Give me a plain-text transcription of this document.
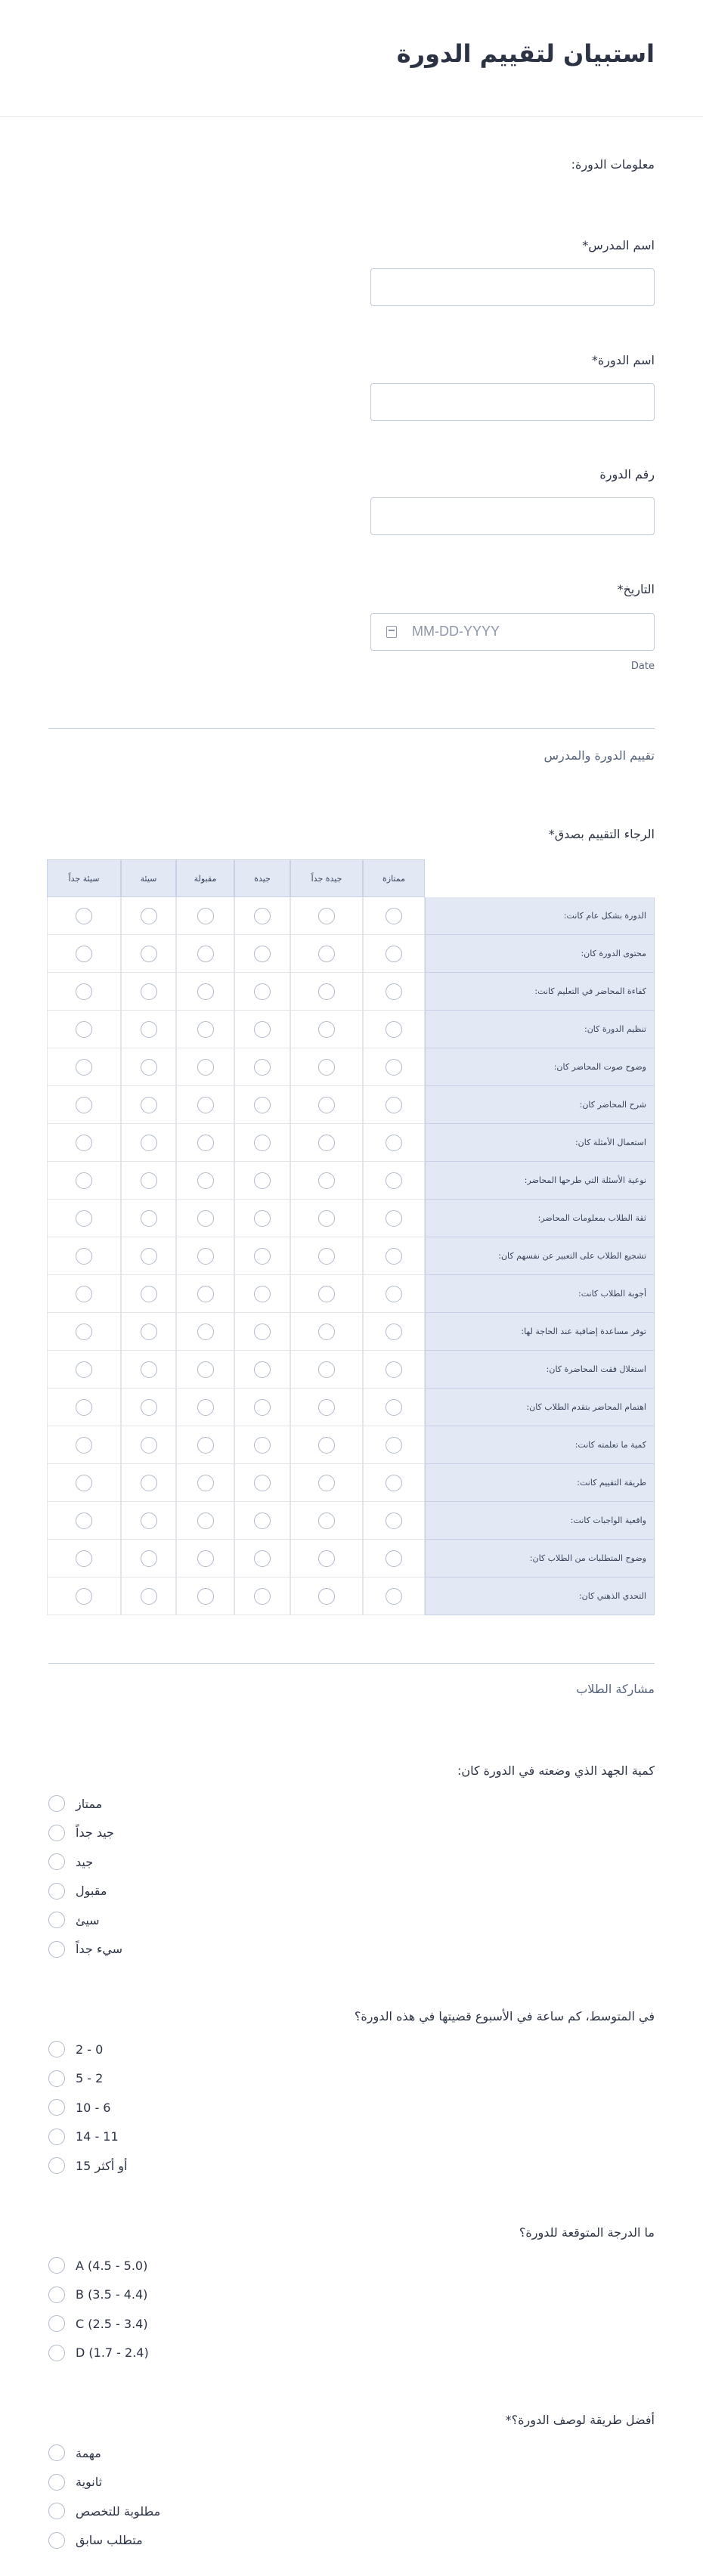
استبيان لتقييم الدورة
معلومات الدورة:
اسم المدرس*
اسم الدورة*
رقم الدورة
التاريخ*
MM-DD-YYYY
Date
تقييم الدورة والمدرس
الرجاء التقييم بصدق*
ممتازة
جيدة جداً
جيدة
مقبولة
سيئة
سيئة جداً
الدورة بشكل عام كانت:
محتوى الدورة كان:
كفاءة المحاضر في التعليم كانت:
تنظيم الدورة كان:
وضوح صوت المحاضر كان:
شرح المحاضر كان:
استعمال الأمثلة كان:
نوعية الأسئلة التي طرحها المحاضر:
ثقة الطلاب بمعلومات المحاضر:
تشجيع الطلاب على التعبير عن نفسهم كان:
أجوبة الطلاب كانت:
توفر مساعدة إضافية عند الحاجة لها:
استغلال فقت المحاضرة كان:
اهتمام المحاضر بتقدم الطلاب كان:
كمية ما تعلمته كانت:
طريقة التقييم كانت:
واقعية الواجبات كانت:
وضوح المتطلبات من الطلاب كان:
التحدي الذهني كان:
مشاركة الطلاب
كمية الجهد الذي وضعته في الدورة كان:
ممتاز
جيد جداً
جيد
مقبول
سيئ
سيء جداً
في المتوسط، كم ساعة في الأسبوع قضيتها في هذه الدورة؟
2 - 0
5 - 2
10 - 6
14 - 11
15 أو أكثر
ما الدرجة المتوقعة للدورة؟
A (4.5 - 5.0)
B (3.5 - 4.4)
C (2.5 - 3.4)
D (1.7 - 2.4)
أفضل طريقة لوصف الدورة؟*
مهمة
ثانوية
مطلوبة للتخصص
متطلب سابق
